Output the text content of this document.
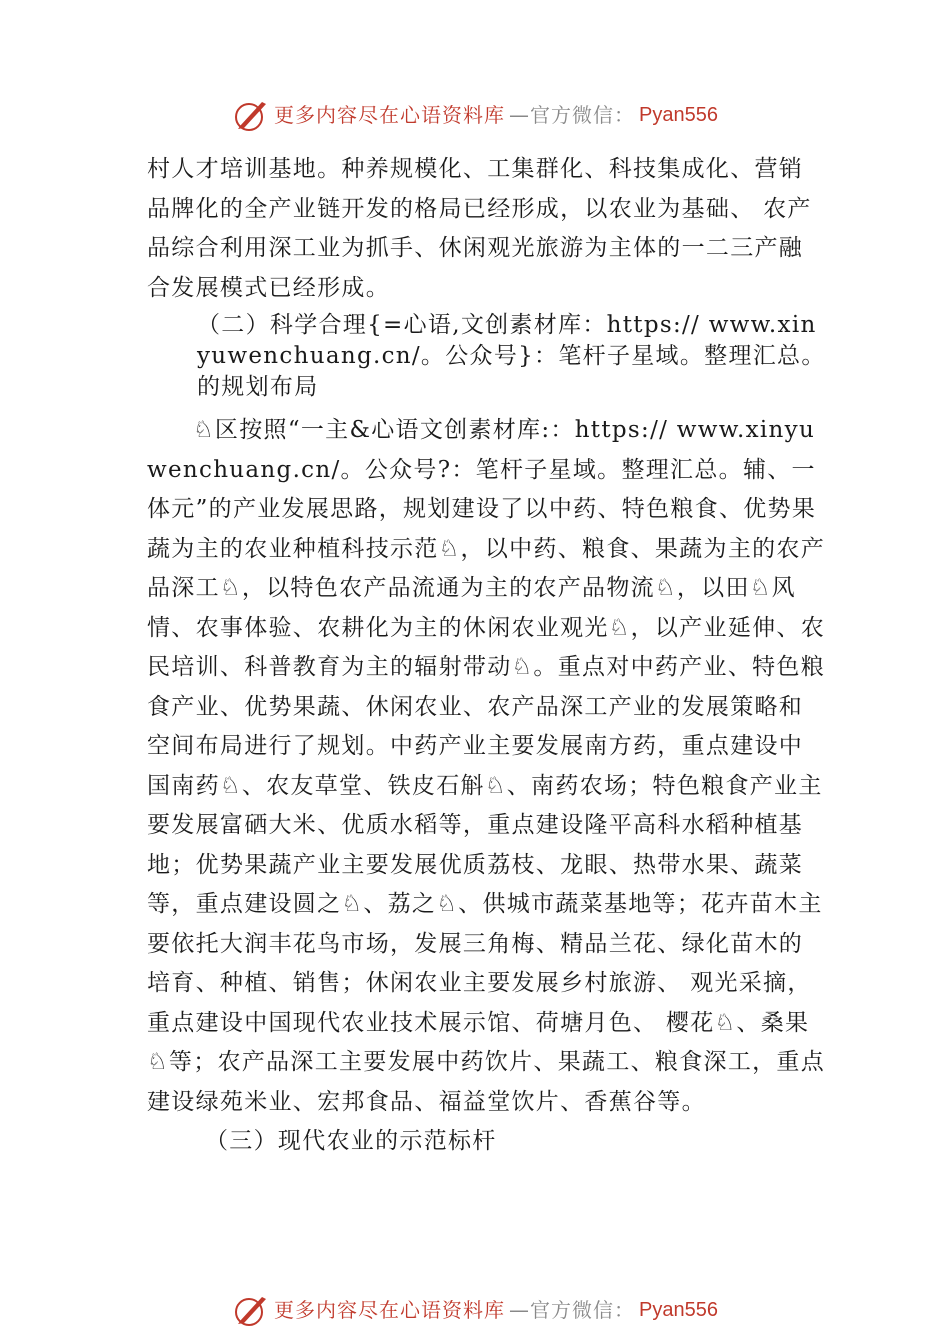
更多内容尽在心语资料库 —官方微信： Pyan556

村人才培训基地。种养规模化、工集群化、科技集成化、营销品牌化的全产业链开发的格局已经形成，以农业为基础、 农产品综合利用深工业为抓手、休闲观光旅游为主体的一二三产融合发展模式已经形成。

（二）科学合理{=心语,文创素材库：https:// www.xinyuwenchuang.cn/。公众号}：笔杆子星域。整理汇总。的规划布局

♘区按照“一主&心语文创素材库:：https:// www.xinyuwenchuang.cn/。公众号?：笔杆子星域。整理汇总。辅、一体元”的产业发展思路，规划建设了以中药、特色粮食、优势果蔬为主的农业种植科技示范♘，以中药、粮食、果蔬为主的农产品深工♘，以特色农产品流通为主的农产品物流♘，以田♘风情、农事体验、农耕化为主的休闲农业观光♘，以产业延伸、农民培训、科普教育为主的辐射带动♘。重点对中药产业、特色粮食产业、优势果蔬、休闲农业、农产品深工产业的发展策略和空间布局进行了规划。中药产业主要发展南方药，重点建设中国南药♘、农友草堂、铁皮石斛♘、南药农场；特色粮食产业主要发展富硒大米、优质水稻等，重点建设隆平高科水稻种植基地；优势果蔬产业主要发展优质荔枝、龙眼、热带水果、蔬菜等，重点建设圆之♘、荔之♘、供城市蔬菜基地等；花卉苗木主要依托大润丰花鸟市场，发展三角梅、精品兰花、绿化苗木的培育、种植、销售；休闲农业主要发展乡村旅游、 观光采摘，重点建设中国现代农业技术展示馆、荷塘月色、 樱花♘、桑果♘等；农产品深工主要发展中药饮片、果蔬工、粮食深工，重点建设绿苑米业、宏邦食品、福益堂饮片、香蕉谷等。

（三）现代农业的示范标杆

更多内容尽在心语资料库 —官方微信： Pyan556
